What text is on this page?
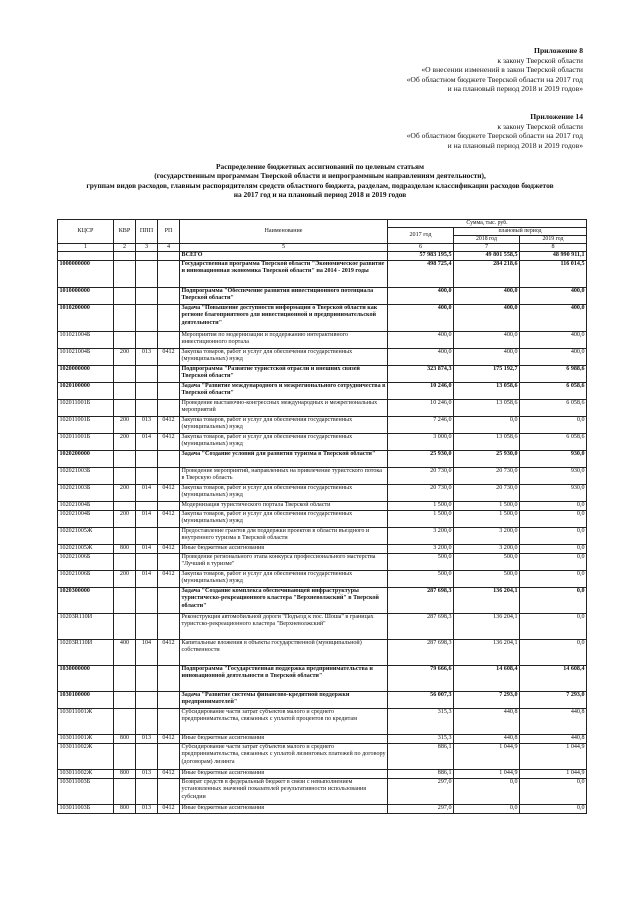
Приложение 8
к закону Тверской области
«О внесении изменений в закон Тверской области
«Об областном бюджете Тверской области на 2017 год
и на плановый период 2018 и 2019 годов»
Приложение 14
к закону Тверской области
«Об областном бюджете Тверской области на 2017 год
и на плановый период 2018 и 2019 годов»
Распределение бюджетных ассигнований по целевым статьям
(государственным программам Тверской области и непрограммным направлениям деятельности),
группам видов расходов, главным распорядителям средств областного бюджета, разделам, подразделам классификации расходов бюджетов
на 2017 год и на плановый период 2018 и 2019 годов
КЦСР	КВР	ППП	РП	Наименование	Сумма, тыс. руб.		
					2017 год	плановый период	
						2018 год	2019 год
1	2	3	4	5	6	7	8
				ВСЕГО	57 983 195,5	49 801 558,5	48 990 911,1
1000000000				Государственная программа Тверской области "Экономическое развитие и инновационная экономика Тверской области" на 2014 - 2019 годы	498 725,4	284 218,6	116 014,5
1010000000				Подпрограмма "Обеспечение развития инвестиционного потенциала Тверской области"	400,0	400,0	400,0
1010200000				Задача "Повышение доступности информации о Тверской области как регионе благоприятного для инвестиционной и предпринимательской деятельности"	400,0	400,0	400,0
101021004Б				Мероприятия по модернизации и поддержанию интерактивного инвестиционного портала	400,0	400,0	400,0
101021004Б	200	013	0412	Закупка товаров, работ и услуг для обеспечения государственных (муниципальных) нужд	400,0	400,0	400,0
1020000000				Подпрограмма "Развитие туристской отрасли и внешних связей Тверской области"	323 874,3	175 192,7	6 988,6
1020100000				Задача "Развитие международного и межрегионального сотрудничества в Тверской области"	10 246,0	13 058,6	6 058,6
102011001Б				Проведение выставочно-конгрессных международных и межрегиональных мероприятий	10 246,0	13 058,6	6 058,6
102011001Б	200	013	0412	Закупка товаров, работ и услуг для обеспечения государственных (муниципальных) нужд	7 246,0	0,0	0,0
102011001Б	200	014	0412	Закупка товаров, работ и услуг для обеспечения государственных (муниципальных) нужд	3 000,0	13 058,6	6 058,6
1020200000				Задача "Создание условий для развития туризма в Тверской области"	25 930,0	25 930,0	930,0
102021003Б				Проведение мероприятий, направленных на привлечение туристского потока в Тверскую область	20 730,0	20 730,0	930,0
102021003Б	200	014	0412	Закупка товаров, работ и услуг для обеспечения государственных (муниципальных) нужд	20 730,0	20 730,0	930,0
102021004Б				Модернизация туристического портала Тверской области	1 500,0	1 500,0	0,0
102021004Б	200	014	0412	Закупка товаров, работ и услуг для обеспечения государственных (муниципальных) нужд	1 500,0	1 500,0	0,0
102021005Ж				Предоставление грантов для поддержки проектов в области въездного и внутреннего туризма в Тверской области	3 200,0	3 200,0	0,0
102021005Ж	800	014	0412	Иные бюджетные ассигнования	3 200,0	3 200,0	0,0
102021006Б				Проведение регионального этапа конкурса профессионального мастерства "Лучший в туризме"	500,0	500,0	0,0
102021006Б	200	014	0412	Закупка товаров, работ и услуг для обеспечения государственных (муниципальных) нужд	500,0	500,0	0,0
1020300000				Задача "Создание комплекса обеспечивающей инфраструктуры туристическо-рекреационного кластера "Верхневолжский" в Тверской области"	287 698,3	136 204,1	0,0
10203R110И				Реконструкция автомобильной дороги "Подъезд к пос. Шоша" в границах туристско-рекреационного кластера "Верхневолжский"	287 698,3	136 204,1	0,0
10203R110И	400	104	0412	Капитальные вложения в объекты государственной (муниципальной) собственности	287 698,3	136 204,1	0,0
1030000000				Подпрограмма "Государственная поддержка предпринимательства и инновационной деятельности в Тверской области"	79 666,6	14 608,4	14 608,4
1030100000				Задача "Развитие системы финансово-кредитной поддержки предпринимателей"	56 007,3	7 293,0	7 293,0
103011001Ж				Субсидирование части затрат субъектов малого и среднего предпринимательства, связанных с уплатой процентов по кредитам	315,3	440,8	440,8
103011001Ж	800	013	0412	Иные бюджетные ассигнования	315,3	440,8	440,8
103011002Ж				Субсидирование части затрат субъектов малого и среднего предпринимательства, связанных с уплатой лизинговых платежей по договору (договорам) лизинга	886,1	1 044,9	1 044,9
103011002Ж	800	013	0412	Иные бюджетные ассигнования	886,1	1 044,9	1 044,9
103011003Б				Возврат средств в федеральный бюджет в связи с невыполнением установленных значений показателей результативности использования субсидии	297,0	0,0	0,0
103011003Б	800	013	0412	Иные бюджетные ассигнования	297,0	0,0	0,0
